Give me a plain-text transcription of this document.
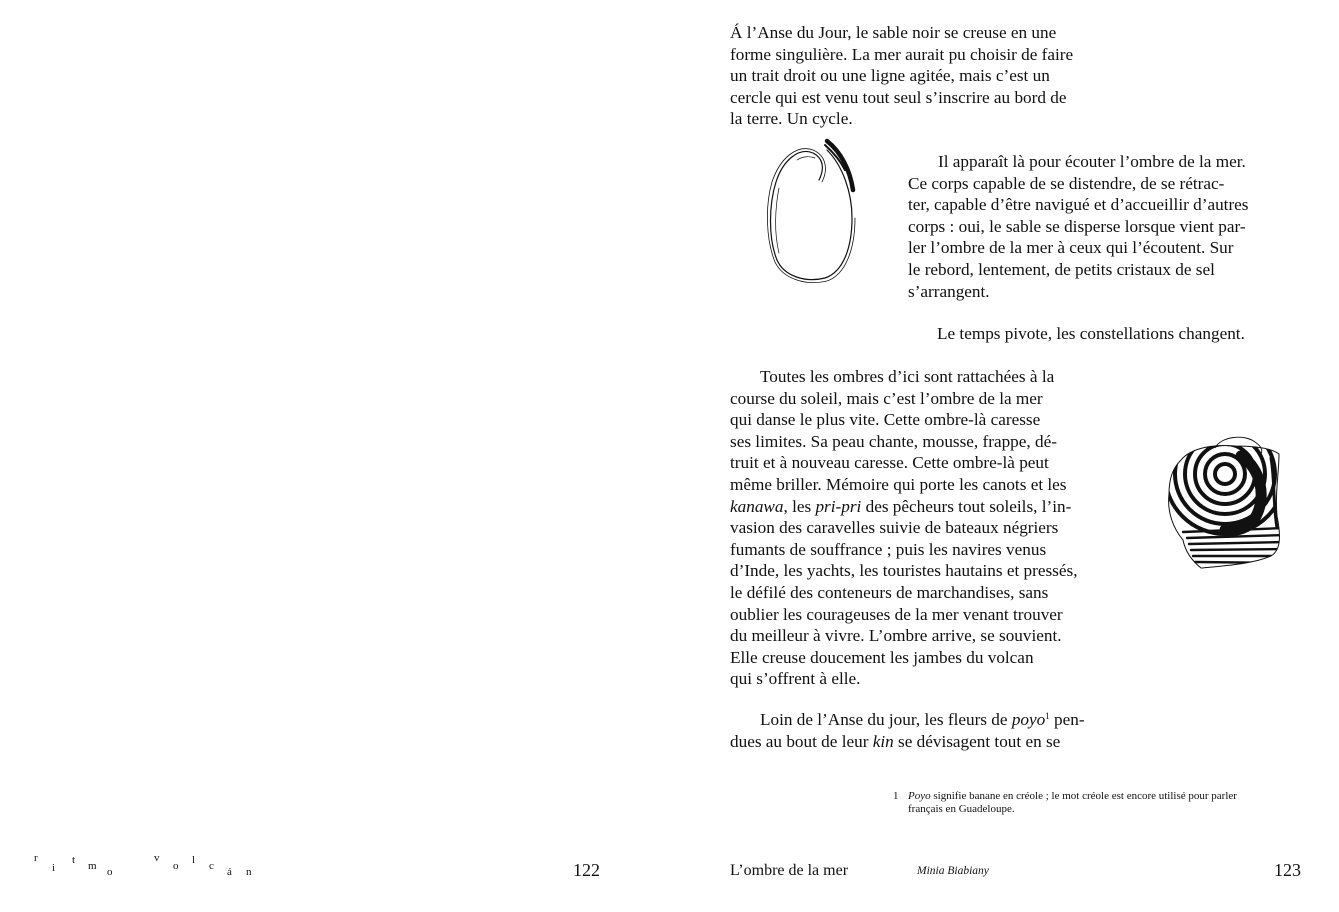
r
i
t m o
v
o l c á n	122
Á l’Anse du Jour, le sable noir se creuse en une
forme singulière. La mer aurait pu choisir de faire
un trait droit ou une ligne agitée, mais c’est un
cercle qui est venu tout seul s’inscrire au bord de
la terre. Un cycle.
Il apparaît là pour écouter l’ombre de la mer.
Ce corps capable de se distendre, de se rétrac-
ter, capable d’être navigué et d’accueillir d’autres
corps : oui, le sable se disperse lorsque vient par-
ler l’ombre de la mer à ceux qui l’écoutent. Sur
le rebord, lentement, de petits cristaux de sel
s’arrangent.
Le temps pivote, les constellations changent.
Toutes les ombres d’ici sont rattachées à la
course du soleil, mais c’est l’ombre de la mer
qui danse le plus vite. Cette ombre-là caresse
ses limites. Sa peau chante, mousse, frappe, dé-
truit et à nouveau caresse. Cette ombre-là peut
même briller. Mémoire qui porte les canots et les
kanawa, les pri-pri des pêcheurs tout soleils, l’in-
vasion des caravelles suivie de bateaux négriers
fumants de souffrance ; puis les navires venus
d’Inde, les yachts, les touristes hautains et pressés,
le défilé des conteneurs de marchandises, sans
oublier les courageuses de la mer venant trouver
du meilleur à vivre. L’ombre arrive, se souvient.
Elle creuse doucement les jambes du volcan
qui s’offrent à elle.
Loin de l’Anse du jour, les fleurs de poyo$^1$ pen-
dues au bout de leur kin se dévisagent tout en se
1 Poyo signifie banane en créole ; le mot créole est encore utilisé pour parler
français en Guadeloupe.
L’ombre de la mer	Minia Biabiany	123
